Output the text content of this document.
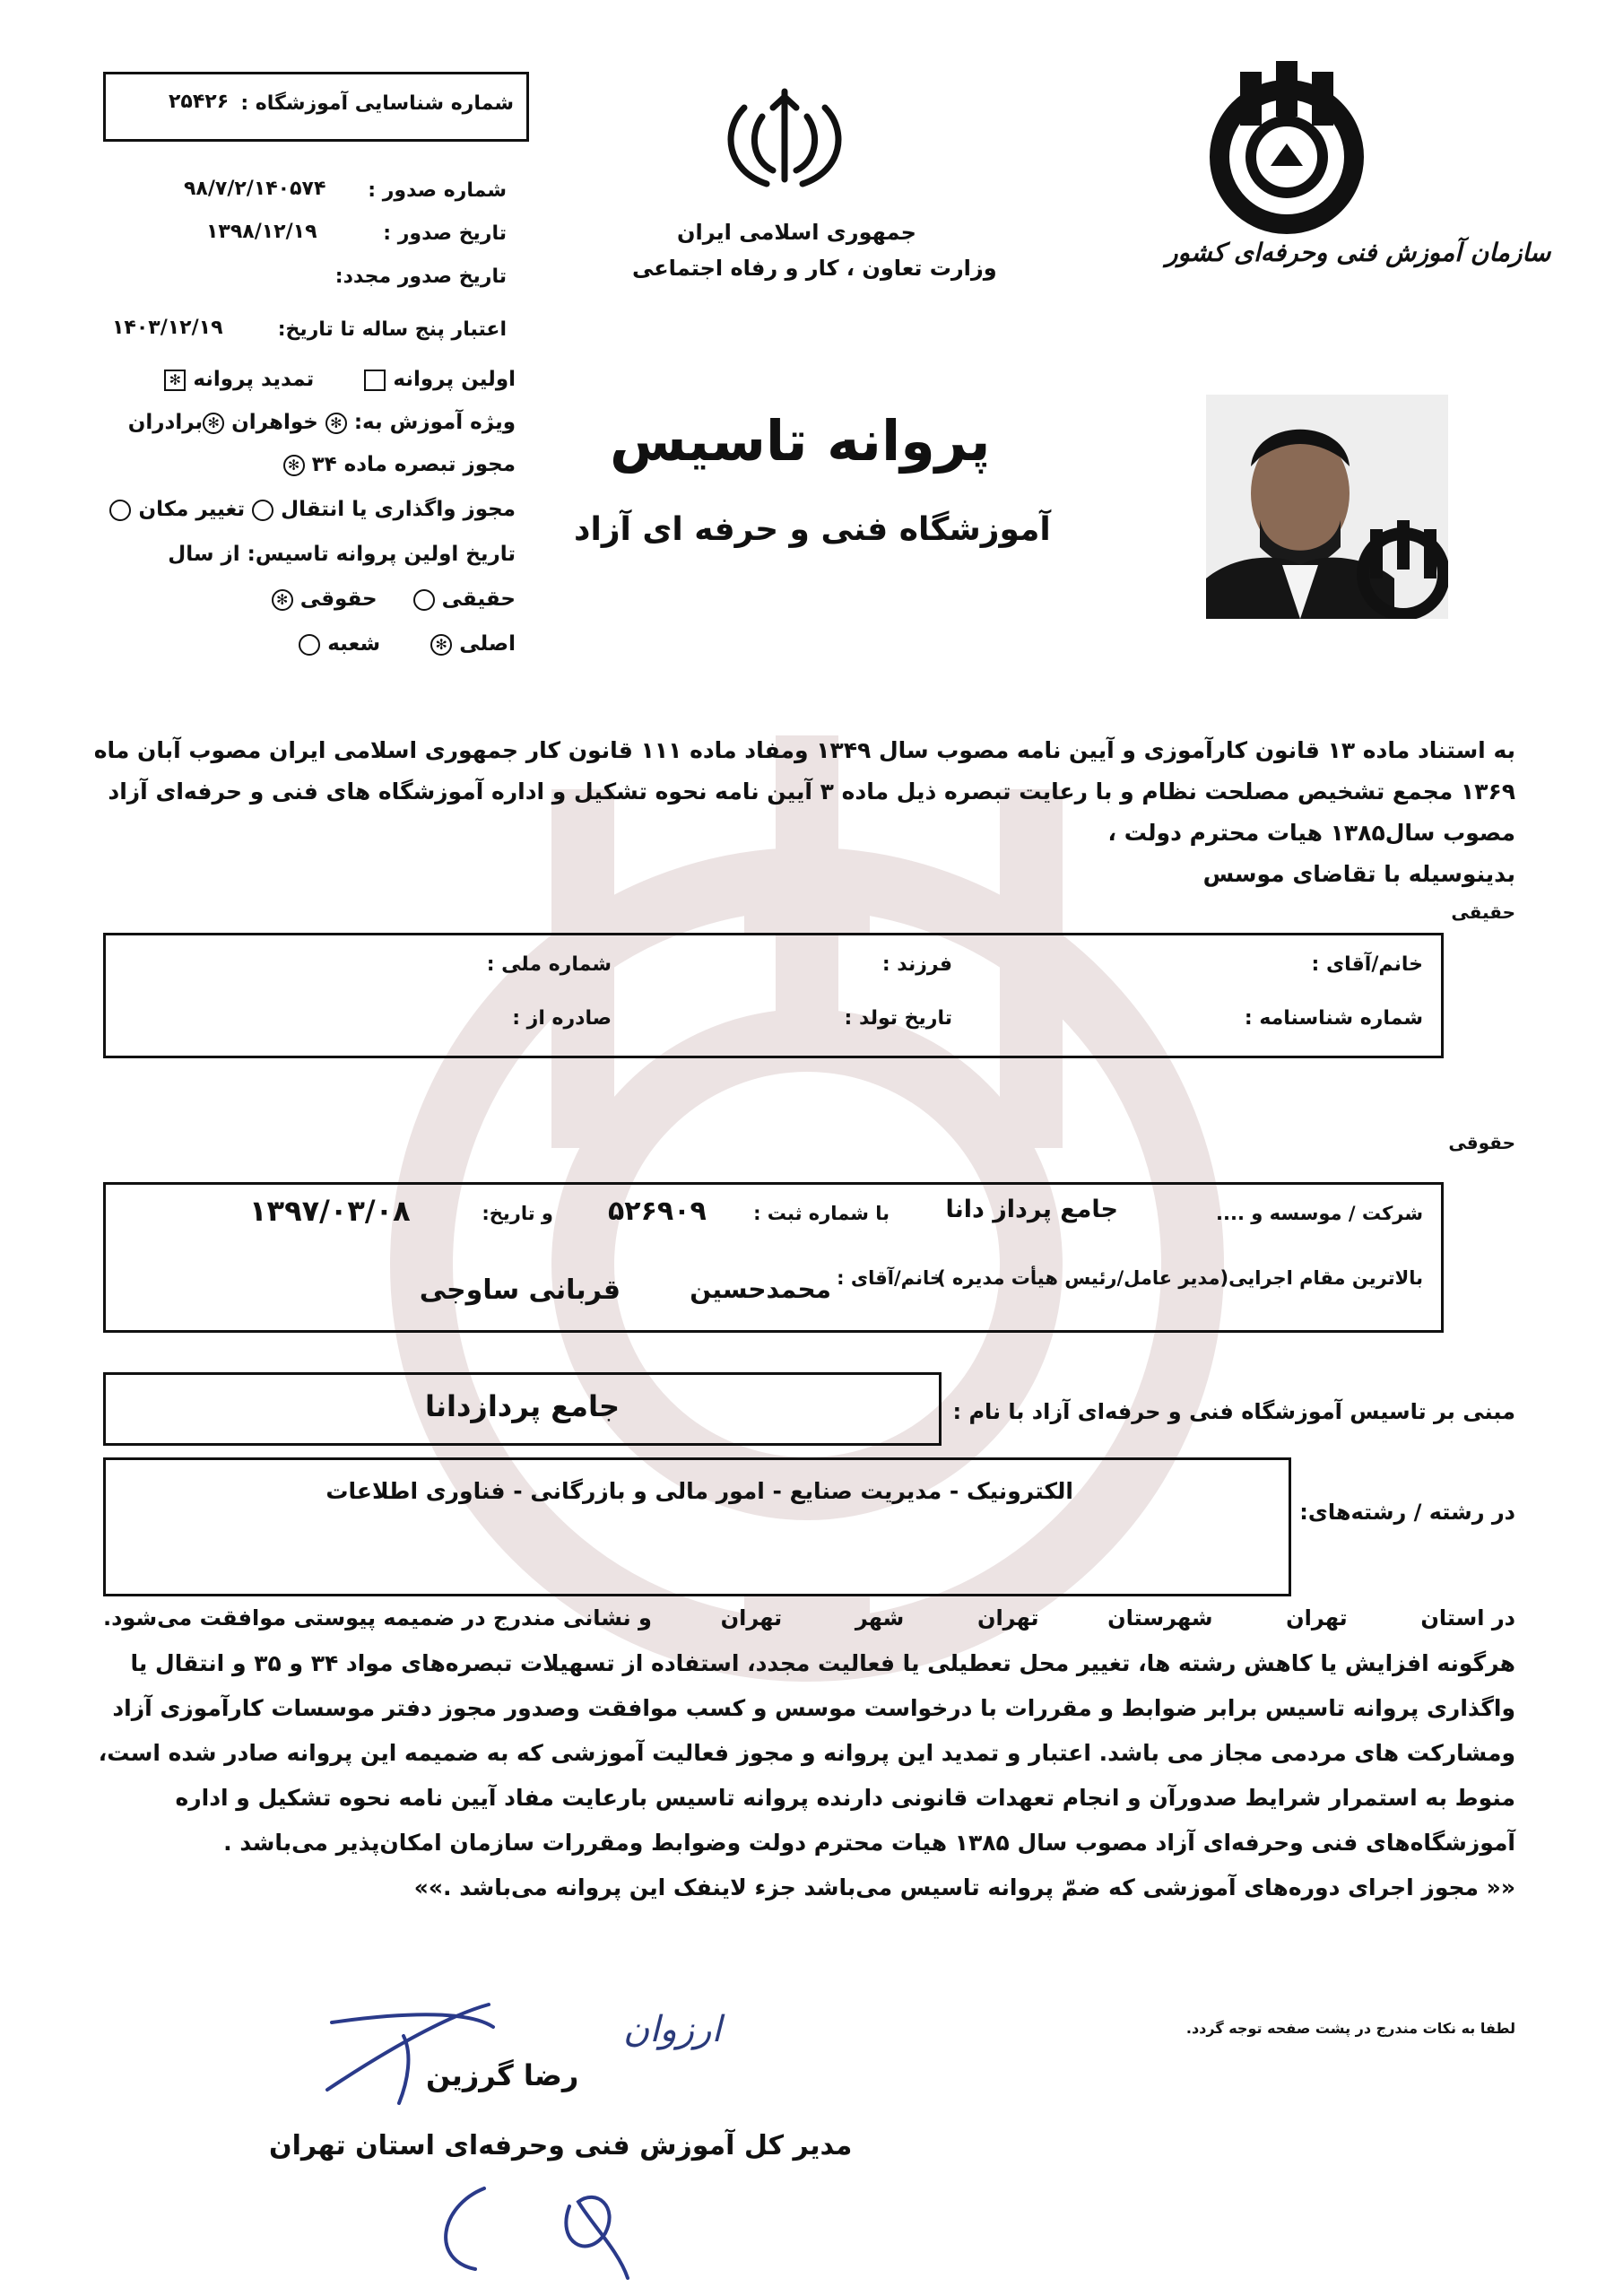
شماره شناسایی آموزشگاه :
۲۵۴۲۶
شماره صدور :
۹۸/۷/۲/۱۴۰۵۷۴
تاریخ صدور :
۱۳۹۸/۱۲/۱۹
تاریخ صدور مجدد:
اعتبار پنج ساله تا تاریخ:
۱۴۰۳/۱۲/۱۹
اولین پروانه        تمدید پروانه ✻
ویژه آموزش به: ✻ خواهران ✻برادران
مجوز تبصره ماده ۳۴ ✻
مجوز واگذاری یا انتقال  تغییر مکان
تاریخ اولین پروانه تاسیس: از سال
حقیقی      حقوقی ✻
اصلی ✻       شعبه
جمهوری اسلامی ایران
وزارت تعاون ، کار و رفاه اجتماعی
سازمان آموزش فنی وحرفه‌ای کشور
پروانه تاسیس
آموزشگاه فنی و حرفه ای آزاد
به استناد ماده ۱۳ قانون کارآموزی و آیین نامه مصوب سال ۱۳۴۹ ومفاد ماده ۱۱۱ قانون کار جمهوری اسلامی ایران مصوب آبان ماه
۱۳۶۹ مجمع تشخیص مصلحت نظام و با رعایت تبصره ذیل ماده ۳ آیین نامه نحوه تشکیل و اداره آموزشگاه های فنی و حرفه‌ای آزاد
مصوب سال۱۳۸۵ هیات محترم دولت ،
بدینوسیله با تقاضای موسس
حقیقی
خانم/آقای :
فرزند :
شماره ملی :
شماره شناسنامه :
تاریخ تولد :
صادره از :
حقوقی
شرکت / موسسه و ....
جامع پرداز دانا
با شماره ثبت :
۵۲۶۹۰۹
و تاریخ:
۱۳۹۷/۰۳/۰۸
بالاترین مقام اجرایی(مدیر عامل/رئیس هیأت مدیره )
خانم/آقای :
محمدحسین
قربانی ساوجی
مبنی بر تاسیس آموزشگاه فنی و حرفه‌ای آزاد با نام :
جامع پردازدانا
در رشته / رشته‌های:
الکترونیک - مدیریت صنایع - امور مالی و بازرگانی - فناوری اطلاعات
در استان  تهران  شهرستان  تهران  شهر  تهران  و نشانی مندرج در ضمیمه پیوستی موافقت می‌شود.
هرگونه افزایش یا کاهش رشته ها، تغییر محل تعطیلی یا فعالیت مجدد، استفاده از تسهیلات تبصره‌های مواد ۳۴ و ۳۵ و انتقال یا
واگذاری پروانه تاسیس برابر ضوابط و مقررات با درخواست موسس و کسب موافقت وصدور مجوز دفتر موسسات کارآموزی آزاد
ومشارکت های مردمی مجاز می باشد. اعتبار و تمدید این پروانه و مجوز فعالیت آموزشی که به ضمیمه این پروانه صادر شده است،
منوط به استمرار شرایط صدورآن و انجام تعهدات قانونی دارنده پروانه تاسیس بارعایت مفاد آیین نامه نحوه تشکیل و اداره
آموزشگاه‌های فنی وحرفه‌ای آزاد مصوب سال ۱۳۸۵ هیات محترم دولت وضوابط ومقررات سازمان امکان‌پذیر می‌باشد .
«« مجوز اجرای دوره‌های آموزشی که ضمّ پروانه تاسیس می‌باشد جزء لاینفک این پروانه می‌باشد .»»
لطفا به نکات مندرج در پشت صفحه توجه گردد.
ارزوان
رضا گرزین
مدیر کل آموزش فنی وحرفه‌ای استان تهران
